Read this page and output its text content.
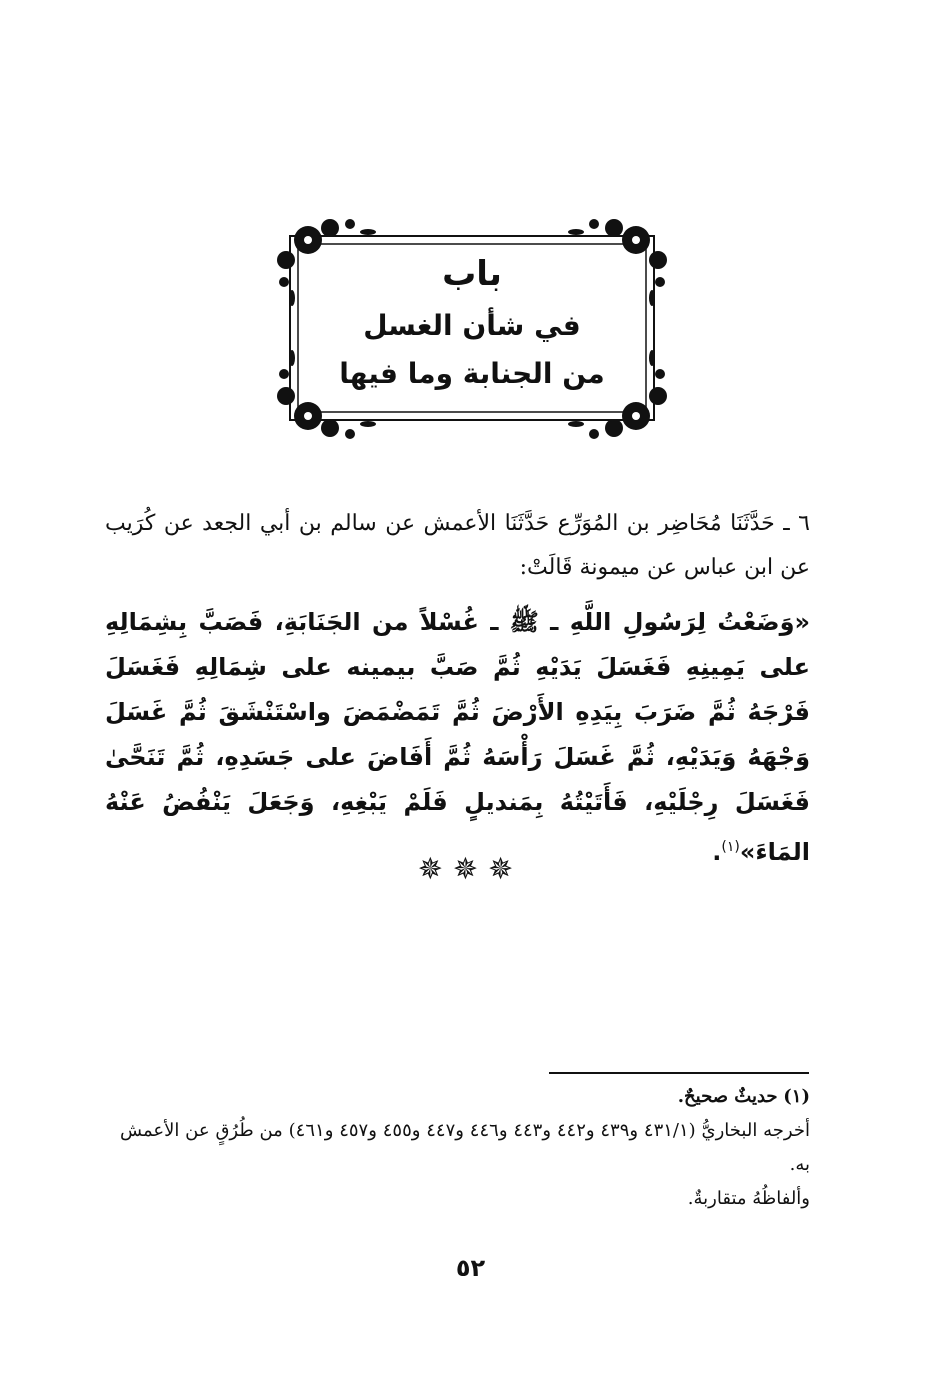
باب
في شأن الغسل
من الجنابة وما فيها
٦ ـ حَدَّثَنَا مُحَاضِر بن المُوَرِّع حَدَّثَنَا الأعمش عن سالم بن أبي الجعد عن كُرَيب عن ابن عباس عن ميمونة قَالَتْ:
«وَضَعْتُ لِرَسُولِ اللَّهِ ـ ﷺ ـ غُسْلاً من الجَنَابَةِ، فَصَبَّ بِشِمَالِهِ على يَمِينِهِ فَغَسَلَ يَدَيْهِ ثُمَّ صَبَّ بيمينه على شِمَالِهِ فَغَسَلَ فَرْجَهُ ثُمَّ ضَرَبَ بِيَدِهِ الأَرْضَ ثُمَّ تَمَضْمَضَ واسْتَنْشَقَ ثُمَّ غَسَلَ وَجْهَهُ وَيَدَيْهِ، ثُمَّ غَسَلَ رَأْسَهُ ثُمَّ أَفَاضَ على جَسَدِهِ، ثُمَّ تَنَحَّىٰ فَغَسَلَ رِجْلَيْهِ، فَأَتَيْتُهُ بِمَنديلٍ فَلَمْ يَبْغِهِ، وَجَعَلَ يَنْفُضُ عَنْهُ المَاءَ»$^{(١)}$.
✵✵✵

(١) حديثٌ صحيحٌ.

أخرجه البخاريُّ (٤٣١/١ و٤٣٩ و٤٤٢ و٤٤٣ و٤٤٦ و٤٤٧ و٤٥٥ و٤٥٧ و٤٦١) من طُرُقٍ عن الأعمش به.

وألفاظُهُ متقاربةٌ.

٥٢
